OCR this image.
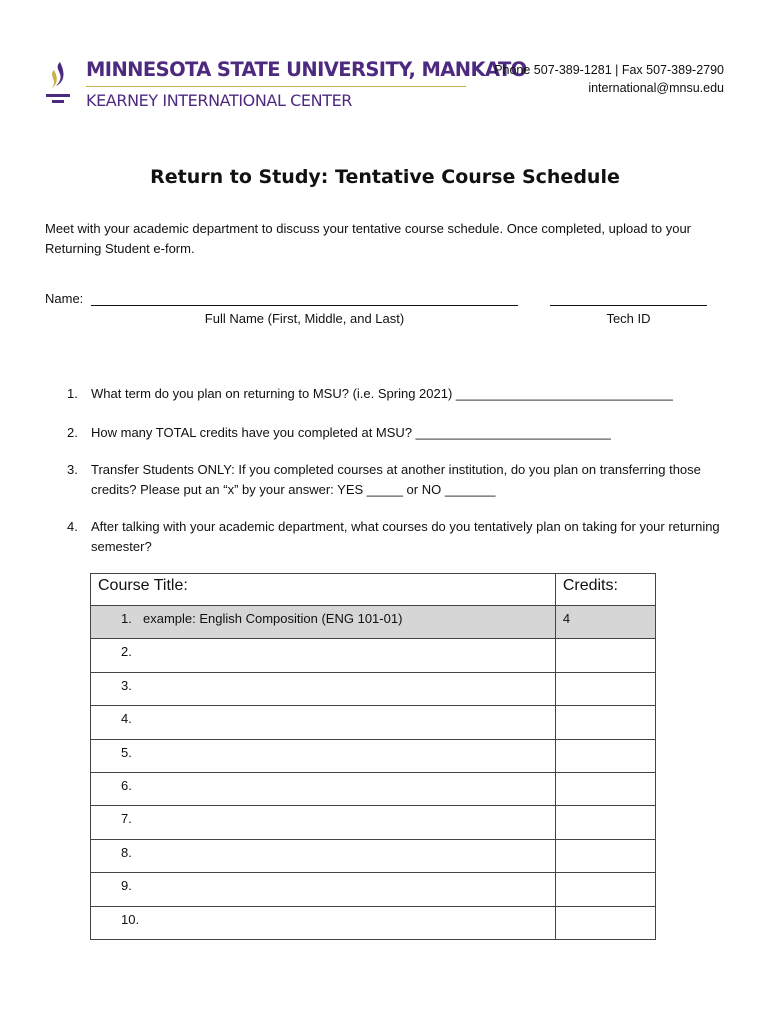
MINNESOTA STATE UNIVERSITY, MANKATO
KEARNEY INTERNATIONAL CENTER
Phone 507-389-1281 | Fax 507-389-2790
international@mnsu.edu
Return to Study: Tentative Course Schedule
Meet with your academic department to discuss your tentative course schedule. Once completed, upload to your Returning Student e-form.
Name:
Full Name (First, Middle, and Last)	Tech ID
1.	What term do you plan on returning to MSU? (i.e. Spring 2021) ______________________________
2.	How many TOTAL credits have you completed at MSU? ___________________________
3.	Transfer Students ONLY: If you completed courses at another institution, do you plan on transferring those credits? Please put an “x” by your answer: YES _____ or NO _______
4.	After talking with your academic department, what courses do you tentatively plan on taking for your returning semester?
Course Title:	Credits:
1. example: English Composition (ENG 101-01)	4
2.	
3.	
4.	
5.	
6.	
7.	
8.	
9.	
10.	
